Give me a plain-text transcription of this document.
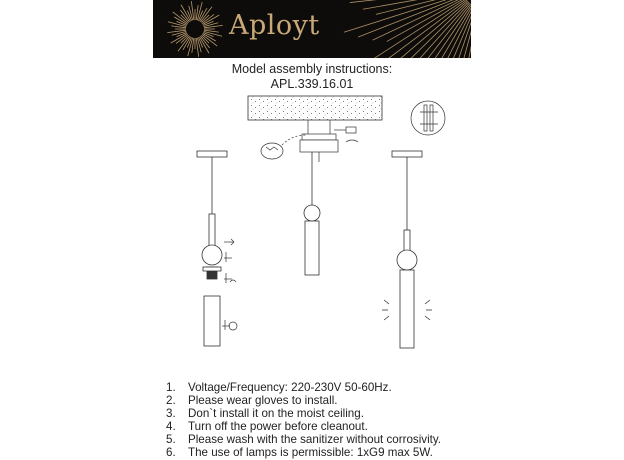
Aployt
Model assembly instructions:
APL.339.16.01
1.	Voltage/Frequency: 220-230V 50-60Hz.
2.	Please wear gloves to install.
3.	Don`t install it on the moist ceiling.
4.	Turn off the power before cleanout.
5.	Please wash with the sanitizer without corrosivity.
6.	The use of lamps is permissible: 1xG9 max 5W.
